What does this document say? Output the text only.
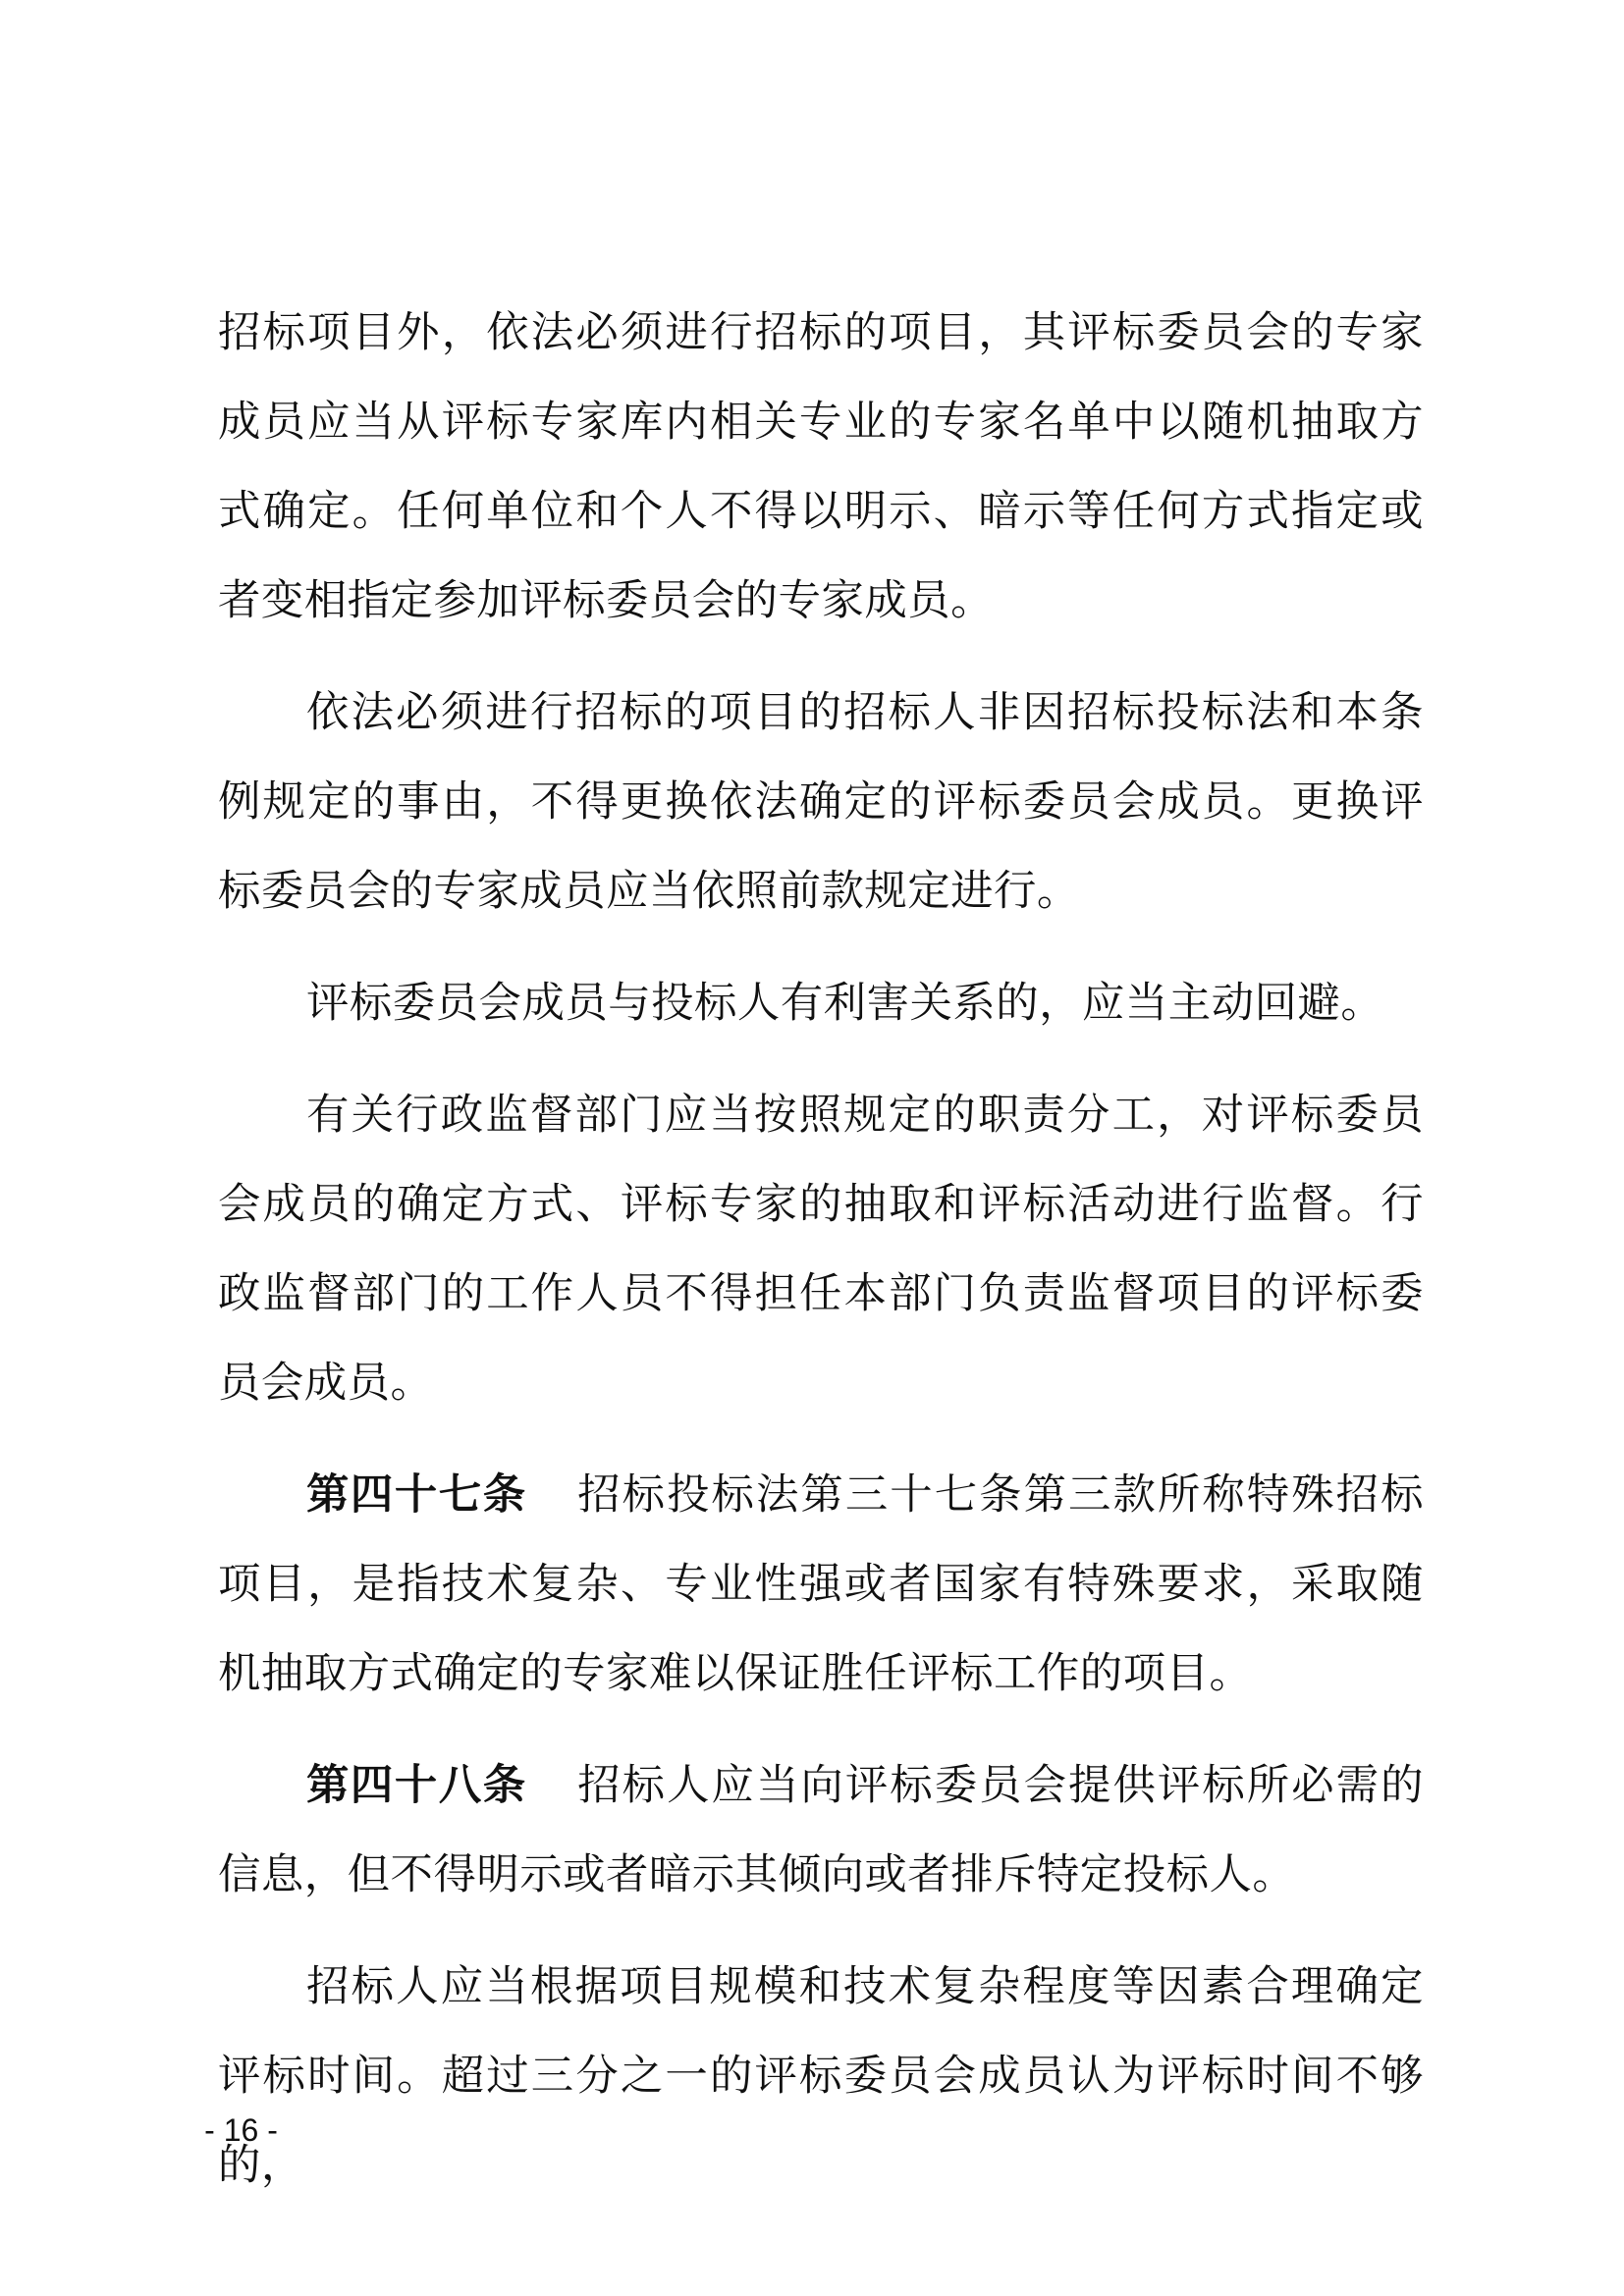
招标项目外，依法必须进行招标的项目，其评标委员会的专家成员应当从评标专家库内相关专业的专家名单中以随机抽取方式确定。任何单位和个人不得以明示、暗示等任何方式指定或者变相指定参加评标委员会的专家成员。

依法必须进行招标的项目的招标人非因招标投标法和本条例规定的事由，不得更换依法确定的评标委员会成员。更换评标委员会的专家成员应当依照前款规定进行。

评标委员会成员与投标人有利害关系的，应当主动回避。

有关行政监督部门应当按照规定的职责分工，对评标委员会成员的确定方式、评标专家的抽取和评标活动进行监督。行政监督部门的工作人员不得担任本部门负责监督项目的评标委员会成员。

第四十七条 招标投标法第三十七条第三款所称特殊招标项目，是指技术复杂、专业性强或者国家有特殊要求，采取随机抽取方式确定的专家难以保证胜任评标工作的项目。

第四十八条 招标人应当向评标委员会提供评标所必需的信息，但不得明示或者暗示其倾向或者排斥特定投标人。

招标人应当根据项目规模和技术复杂程度等因素合理确定评标时间。超过三分之一的评标委员会成员认为评标时间不够的，

- 16 -
